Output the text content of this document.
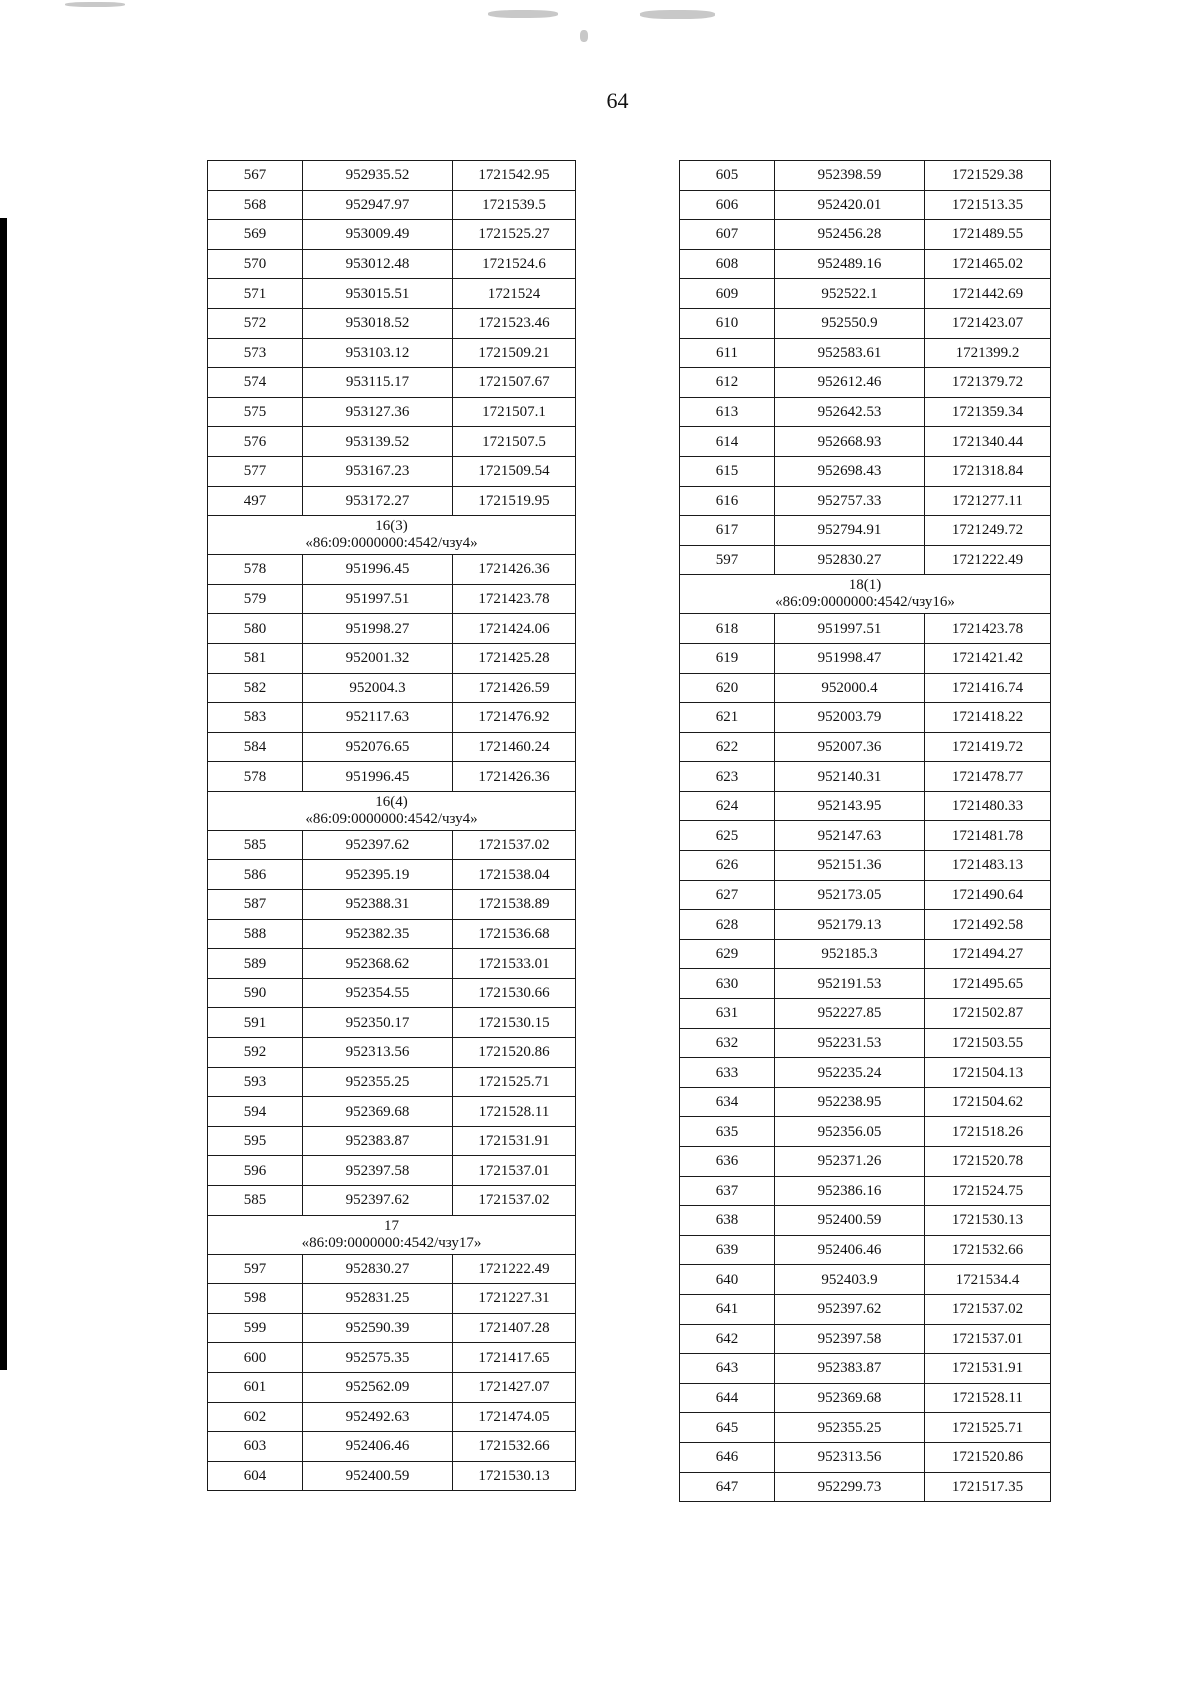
64
567	952935.52	1721542.95
568	952947.97	1721539.5
569	953009.49	1721525.27
570	953012.48	1721524.6
571	953015.51	1721524
572	953018.52	1721523.46
573	953103.12	1721509.21
574	953115.17	1721507.67
575	953127.36	1721507.1
576	953139.52	1721507.5
577	953167.23	1721509.54
497	953172.27	1721519.95

16(3)
«86:09:0000000:4542/чзу4»		

578	951996.45	1721426.36
579	951997.51	1721423.78
580	951998.27	1721424.06
581	952001.32	1721425.28
582	952004.3	1721426.59
583	952117.63	1721476.92
584	952076.65	1721460.24
578	951996.45	1721426.36

16(4)
«86:09:0000000:4542/чзу4»		

585	952397.62	1721537.02
586	952395.19	1721538.04
587	952388.31	1721538.89
588	952382.35	1721536.68
589	952368.62	1721533.01
590	952354.55	1721530.66
591	952350.17	1721530.15
592	952313.56	1721520.86
593	952355.25	1721525.71
594	952369.68	1721528.11
595	952383.87	1721531.91
596	952397.58	1721537.01
585	952397.62	1721537.02

17
«86:09:0000000:4542/чзу17»		

597	952830.27	1721222.49
598	952831.25	1721227.31
599	952590.39	1721407.28
600	952575.35	1721417.65
601	952562.09	1721427.07
602	952492.63	1721474.05
603	952406.46	1721532.66
604	952400.59	1721530.13
605	952398.59	1721529.38
606	952420.01	1721513.35
607	952456.28	1721489.55
608	952489.16	1721465.02
609	952522.1	1721442.69
610	952550.9	1721423.07
611	952583.61	1721399.2
612	952612.46	1721379.72
613	952642.53	1721359.34
614	952668.93	1721340.44
615	952698.43	1721318.84
616	952757.33	1721277.11
617	952794.91	1721249.72
597	952830.27	1721222.49

18(1)
«86:09:0000000:4542/чзу16»		

618	951997.51	1721423.78
619	951998.47	1721421.42
620	952000.4	1721416.74
621	952003.79	1721418.22
622	952007.36	1721419.72
623	952140.31	1721478.77
624	952143.95	1721480.33
625	952147.63	1721481.78
626	952151.36	1721483.13
627	952173.05	1721490.64
628	952179.13	1721492.58
629	952185.3	1721494.27
630	952191.53	1721495.65
631	952227.85	1721502.87
632	952231.53	1721503.55
633	952235.24	1721504.13
634	952238.95	1721504.62
635	952356.05	1721518.26
636	952371.26	1721520.78
637	952386.16	1721524.75
638	952400.59	1721530.13
639	952406.46	1721532.66
640	952403.9	1721534.4
641	952397.62	1721537.02
642	952397.58	1721537.01
643	952383.87	1721531.91
644	952369.68	1721528.11
645	952355.25	1721525.71
646	952313.56	1721520.86
647	952299.73	1721517.35
